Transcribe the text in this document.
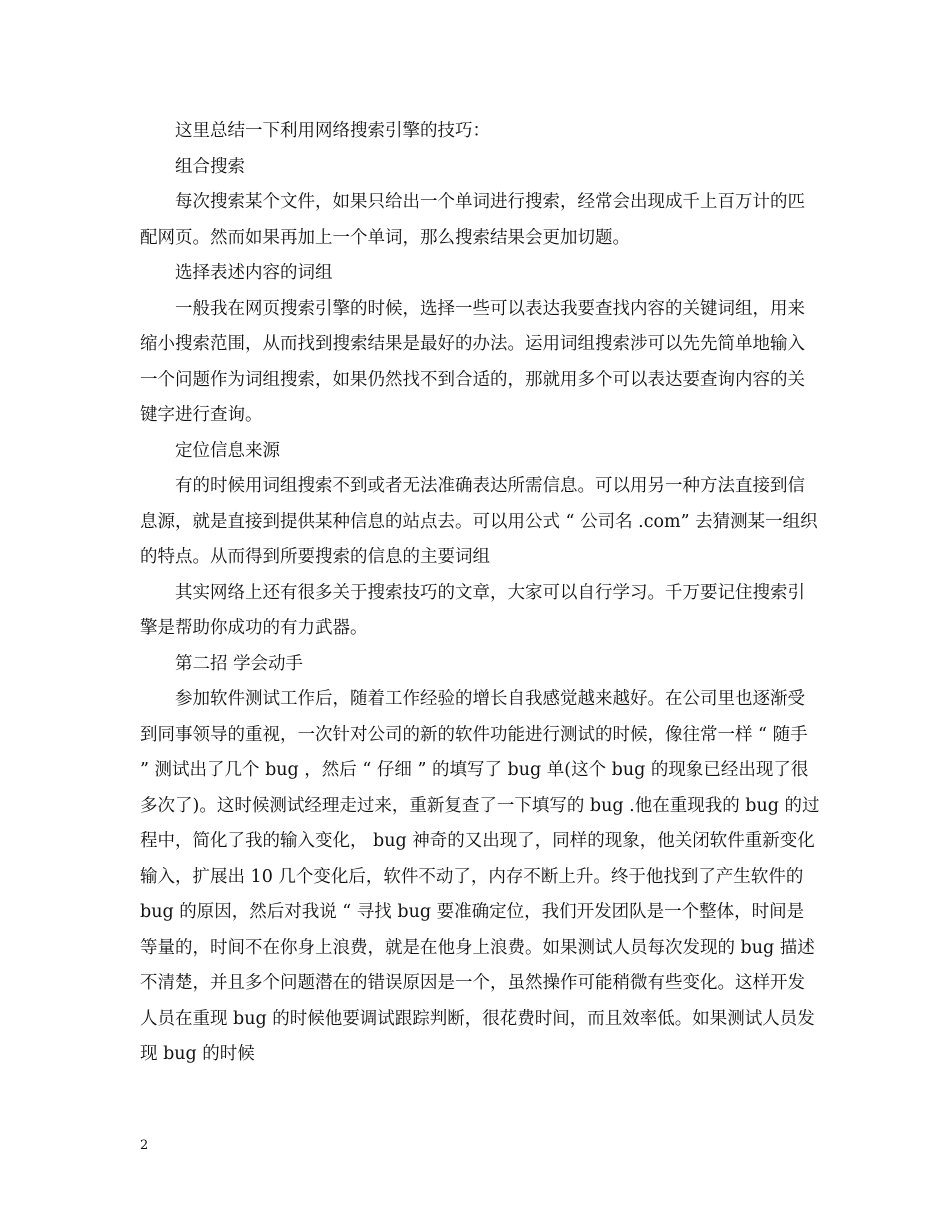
这里总结一下利用网络搜索引擎的技巧：

组合搜索

每次搜索某个文件，如果只给出一个单词进行搜索，经常会出现成千上百万计的匹配网页。然而如果再加上一个单词，那么搜索结果会更加切题。

选择表述内容的词组

一般我在网页搜索引擎的时候，选择一些可以表达我要查找内容的关键词组，用来缩小搜索范围，从而找到搜索结果是最好的办法。运用词组搜索涉可以先先简单地输入一个问题作为词组搜索，如果仍然找不到合适的，那就用多个可以表达要查询内容的关键字进行查询。

定位信息来源

有的时候用词组搜索不到或者无法准确表达所需信息。可以用另一种方法直接到信息源，就是直接到提供某种信息的站点去。可以用公式 “ 公司名 .com” 去猜测某一组织的特点。从而得到所要搜索的信息的主要词组

其实网络上还有很多关于搜索技巧的文章，大家可以自行学习。千万要记住搜索引擎是帮助你成功的有力武器。

第二招 学会动手

参加软件测试工作后，随着工作经验的增长自我感觉越来越好。在公司里也逐渐受到同事领导的重视，一次针对公司的新的软件功能进行测试的时候，像往常一样 “ 随手 ” 测试出了几个 bug ，然后 “ 仔细 ” 的填写了 bug 单(这个 bug 的现象已经出现了很多次了)。这时候测试经理走过来，重新复查了一下填写的 bug .他在重现我的 bug 的过程中，简化了我的输入变化， bug 神奇的又出现了，同样的现象，他关闭软件重新变化输入，扩展出 10 几个变化后，软件不动了，内存不断上升。终于他找到了产生软件的 bug 的原因，然后对我说 “ 寻找 bug 要准确定位，我们开发团队是一个整体，时间是等量的，时间不在你身上浪费，就是在他身上浪费。如果测试人员每次发现的 bug 描述不清楚，并且多个问题潜在的错误原因是一个，虽然操作可能稍微有些变化。这样开发人员在重现 bug 的时候他要调试跟踪判断，很花费时间，而且效率低。如果测试人员发现 bug 的时候

2
